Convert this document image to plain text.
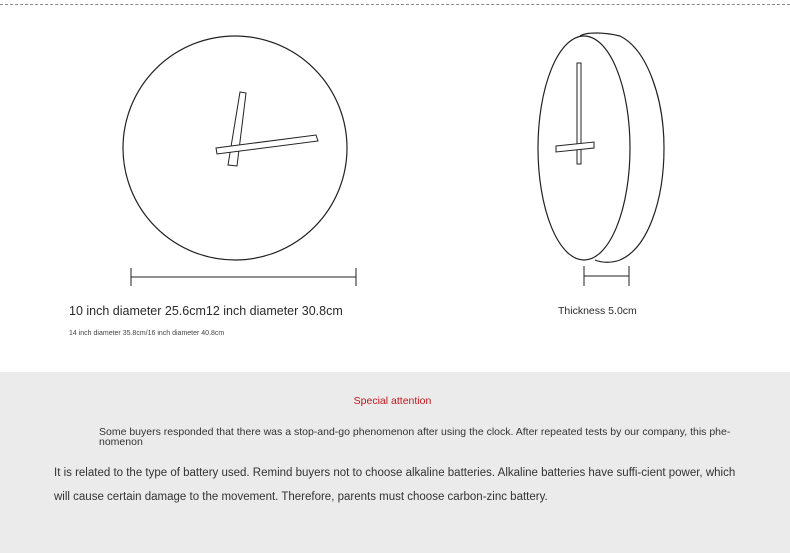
10 inch diameter 25.6cm12 inch diameter 30.8cm
14 inch diameter 35.8cm/16 inch diameter 40.8cm
Thickness 5.0cm
Special attention
Some buyers responded that there was a stop-and-go phenomenon after using the clock. After repeated tests by our company, this phe-nomenon
It is related to the type of battery used. Remind buyers not to choose alkaline batteries. Alkaline batteries have suffi-cient power, which will cause certain damage to the movement. Therefore, parents must choose carbon-zinc battery.
